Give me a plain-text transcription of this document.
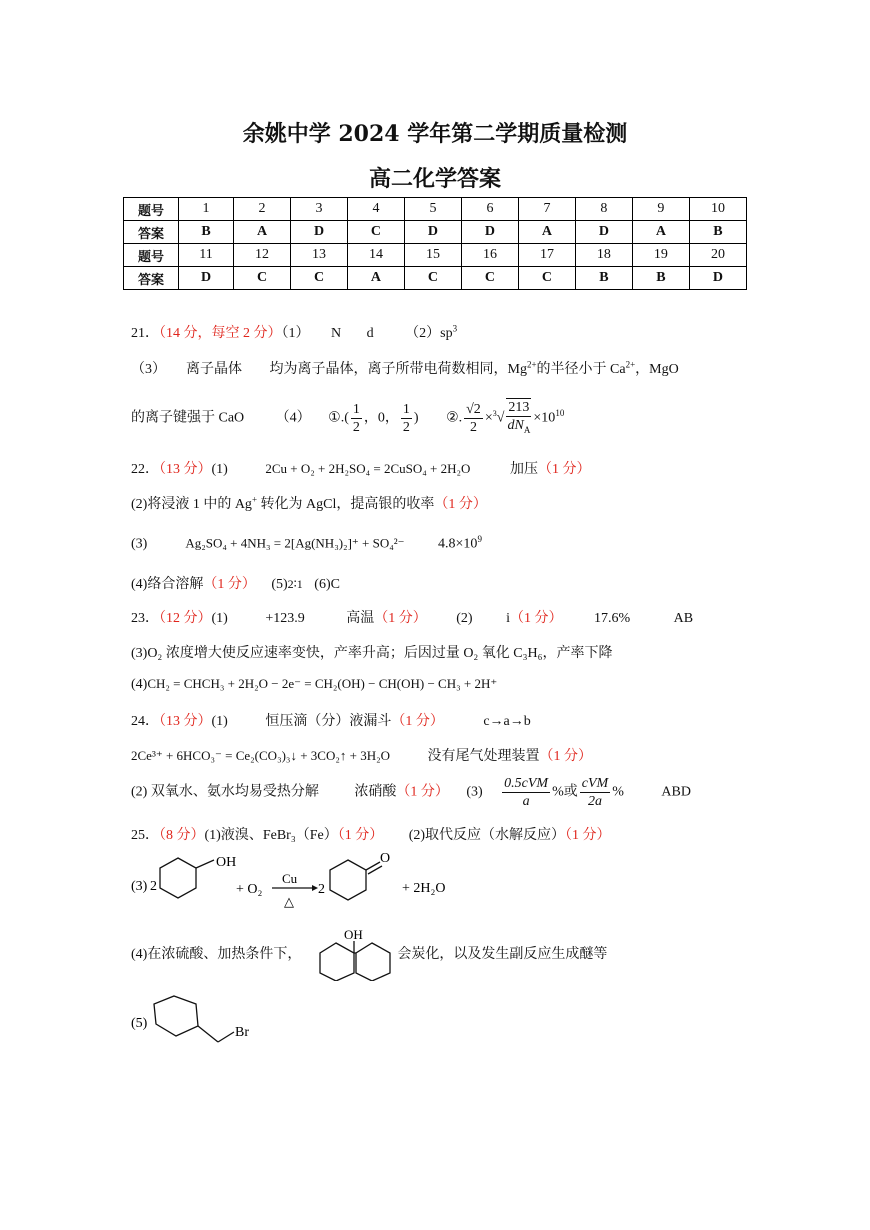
余姚中学 2024 学年第二学期质量检测
高二化学答案
题号	1	2	3	4	5	6	7	8	9	10
答案	B	A	D	C	D	D	A	D	A	B
题号	11	12	13	14	15	16	17	18	19	20
答案	D	C	C	A	C	C	C	B	B	D
21．（14 分，每空 2 分）（1） N d $(2)sp^3$
（3） 离子晶体 均为离子晶体，离子所带电荷数相同，$Mg^{2+}$的半径小于 $Ca^{2+}$，MgO
的离子键强于 CaO （4） ①.( $\frac{1}{2}$ ，0， $\frac{1}{2}$ ) ②. $\frac{√2}{2} \times^3√ \frac{213}{dN_A} \times 10^{10}$
22．（13 分）(1)	2Cu + O₂ + 2H₂SO₄ = 2CuSO₄ + 2H₂O	加压（1 分）
(2)将浸液 1 中的 Ag+ 转化为 AgCl，提高银的收率（1 分）
(3)	Ag₂SO₄ + 4NH₃ = 2[Ag(NH₃)₂]⁺ + SO₄²⁻ $4.8\times 10^9$
(4)络合溶解（1 分） (5)2∶1 (6)C
23．（12 分）(1)	+123.9	高温（1 分） (2) i（1 分） 17.6%	AB
(3)O₂ 浓度增大使反应速率变快，产率升高；后因过量 O₂ 氧化 C₃H₆，产率下降
(4)CH₂ = CHCH₃ + 2H₂O − 2e⁻ = CH₂(OH) − CH(OH) − CH₃ + 2H⁺
24．（13 分）(1)	恒压滴（分）液漏斗（1 分）	c→a→b
2Ce³⁺ + 6HCO₃⁻ = Ce₂(CO₃)₃↓ + 3CO₂↑ + 3H₂O	没有尾气处理装置（1 分）
(2) 双氧水、氨水均易受热分解	浓硝酸（1 分） $(3) \frac{\text{0.5cVM}}{a}$ %或 $\frac{\text{cVM}}{2a}$ %	ABD
25．（8 分）(1)液溴、FeBr₃（Fe）（1 分） (2)取代反应（水解反应）（1 分）
(3) 2
OH
+ O₂
Cu
△
2
O
+ 2H₂O
(4)在浓硫酸、加热条件下，	会炭化，以及发生副反应生成醚等
OH
(5)
Br
